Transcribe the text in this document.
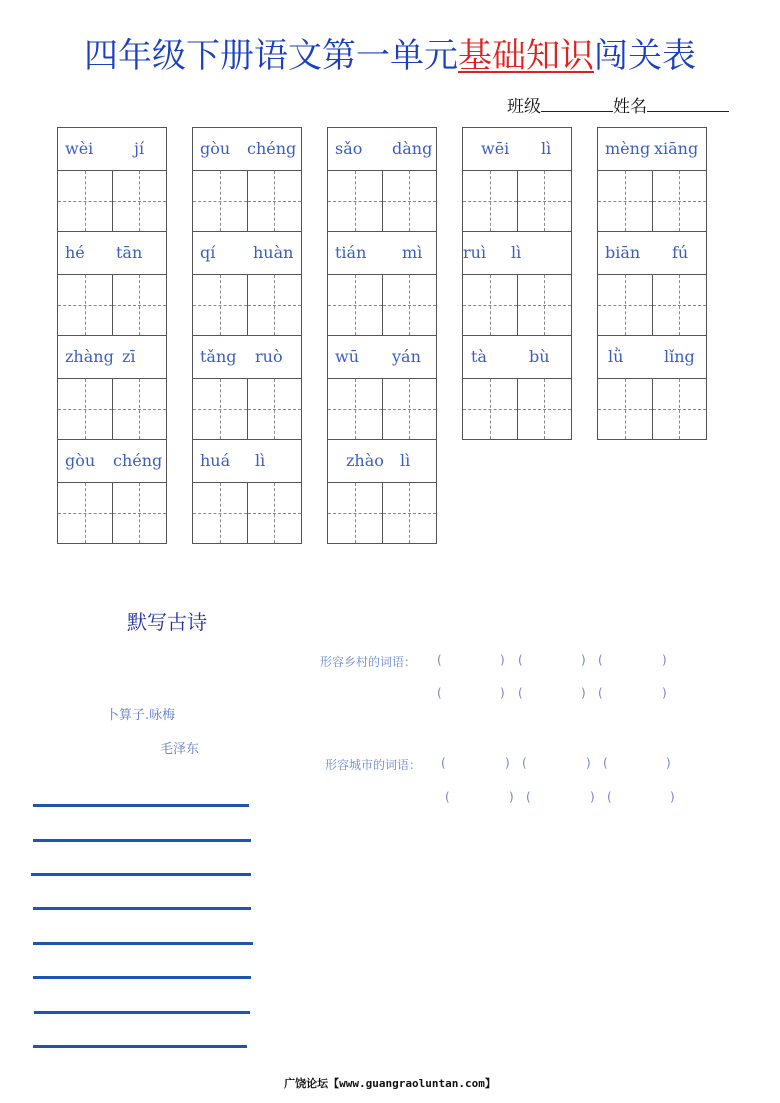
四年级下册语文第一单元基础知识闯关表
班级	姓名
wèi	jí
hé tān
zhàng zī
gòu chéng
gòu chéng
qí huàn
tǎng ruò
huá lì
sǎo dàng
tián mì
wū yán
zhào lì
wēi lì
ruì lì
tà	bù
mèng xiāng
biān fú
lǜ	lǐng
默写古诗
卜算子.咏梅
毛泽东
形容乡村的词语：
形容城市的词语：
(	) (	) (	)
(	) (	) (	)
(	) (	) (	)
(	) (	) (	)
广饶论坛【www.guangraoluntan.com】
